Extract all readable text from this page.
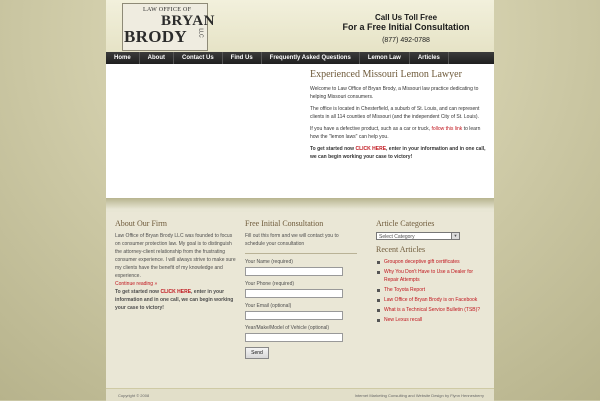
LAW OFFICE OF
BRYAN
BRODY LLC
Call Us Toll Free
For a Free Initial Consultation
(877) 492-0788
Home	About	Contact Us	Find Us	Frequently Asked Questions	Lemon Law	Articles
Experienced Missouri Lemon Lawyer

Welcome to Law Office of Bryan Brody, a Missouri law practice dedicating to helping Missouri consumers.

The office is located in Chesterfield, a suburb of St. Louis, and can represent clients in all 114 counties of Missouri (and the independent City of St. Louis).

If you have a defective product, such as a car or truck, follow this link to learn how the "lemon laws" can help you.

To get started now CLICK HERE, enter in your information and in one call, we can begin working your case to victory!

About Our Firm

Law Office of Bryan Brody LLC was founded to focus on consumer protection law. My goal is to distinguish the attorney-client relationship from the frustrating consumer experience. I will always strive to make sure my clients have the benefit of my knowledge and experience.

Continue reading »

To get started now CLICK HERE, enter in your information and in one call, we can begin working your case to victory!

Free Initial Consultation
Fill out this form and we will contact you to schedule your consultation
Your Name (required)
Your Phone (required)
Your Email (optional)
Year/Make/Model of Vehicle (optional)
Send
Article Categories
Select Category	▼
Recent Articles
Groupon deceptive gift certificates
Why You Don't Have to Use a Dealer for Repair Attempts
The Toyota Report
Law Office of Bryan Brody is on Facebook
What is a Technical Service Bulletin (TSB)?
New Lexus recall
Copyright © 2008	Internet Marketing Consulting and Website Design by Flynn Hennesberry
